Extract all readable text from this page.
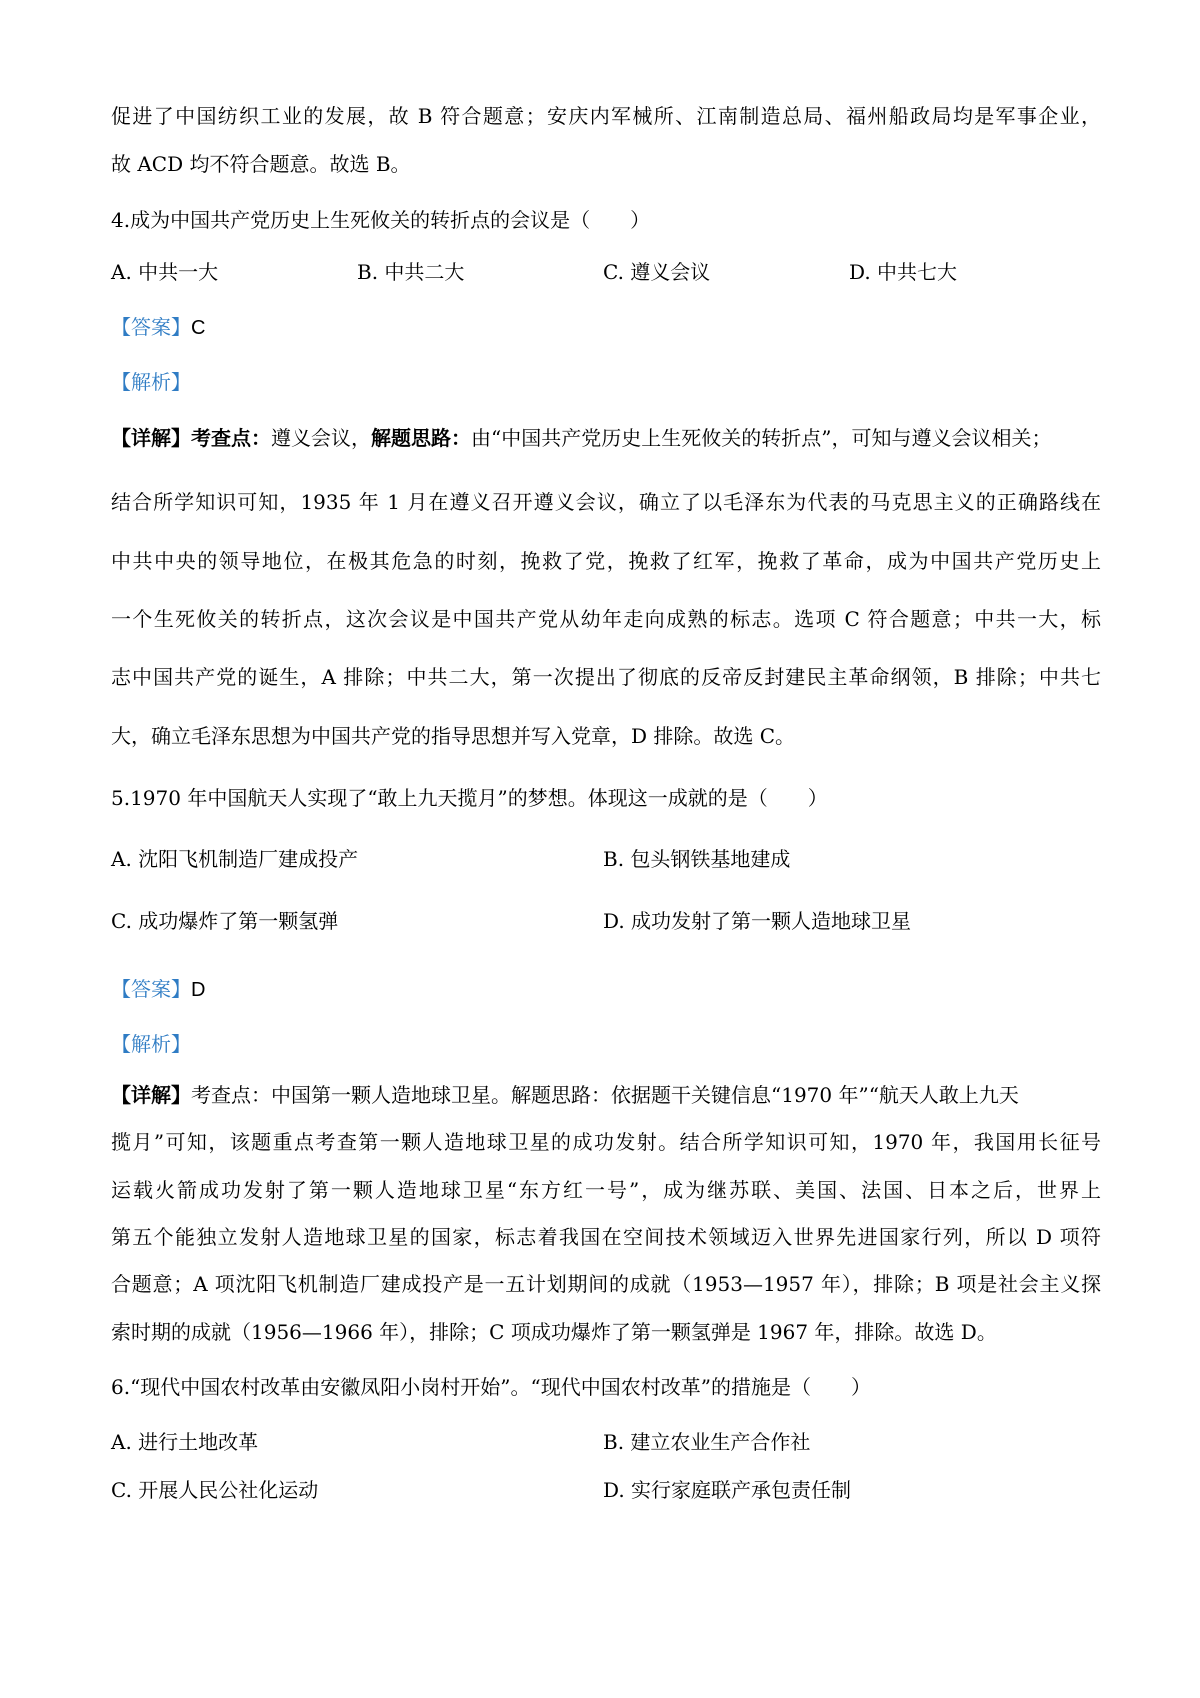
促进了中国纺织工业的发展，故 B 符合题意；安庆内军械所、江南制造总局、福州船政局均是军事企业，
故 ACD 均不符合题意。故选 B。
4.成为中国共产党历史上生死攸关的转折点的会议是（　　）
A. 中共一大	B. 中共二大	C. 遵义会议	D. 中共七大
【答案】C
【解析】
【详解】考查点：遵义会议，解题思路：由“中国共产党历史上生死攸关的转折点”，可知与遵义会议相关；
结合所学知识可知，1935 年 1 月在遵义召开遵义会议，确立了以毛泽东为代表的马克思主义的正确路线在
中共中央的领导地位，在极其危急的时刻，挽救了党，挽救了红军，挽救了革命，成为中国共产党历史上
一个生死攸关的转折点，这次会议是中国共产党从幼年走向成熟的标志。选项 C 符合题意；中共一大，标
志中国共产党的诞生，A 排除；中共二大，第一次提出了彻底的反帝反封建民主革命纲领，B 排除；中共七
大，确立毛泽东思想为中国共产党的指导思想并写入党章，D 排除。故选 C。
5.1970 年中国航天人实现了“敢上九天揽月”的梦想。体现这一成就的是（　　）
A. 沈阳飞机制造厂建成投产	B. 包头钢铁基地建成
C. 成功爆炸了第一颗氢弹	D. 成功发射了第一颗人造地球卫星
【答案】D
【解析】
【详解】考查点：中国第一颗人造地球卫星。解题思路：依据题干关键信息“1970 年”“航天人敢上九天
揽月”可知，该题重点考查第一颗人造地球卫星的成功发射。结合所学知识可知，1970 年，我国用长征号
运载火箭成功发射了第一颗人造地球卫星“东方红一号”，成为继苏联、美国、法国、日本之后，世界上
第五个能独立发射人造地球卫星的国家，标志着我国在空间技术领域迈入世界先进国家行列，所以 D 项符
合题意；A 项沈阳飞机制造厂建成投产是一五计划期间的成就（1953—1957 年），排除；B 项是社会主义探
索时期的成就（1956—1966 年），排除；C 项成功爆炸了第一颗氢弹是 1967 年，排除。故选 D。
6.“现代中国农村改革由安徽凤阳小岗村开始”。“现代中国农村改革”的措施是（　　）
A. 进行土地改革	B. 建立农业生产合作社
C. 开展人民公社化运动	D. 实行家庭联产承包责任制
